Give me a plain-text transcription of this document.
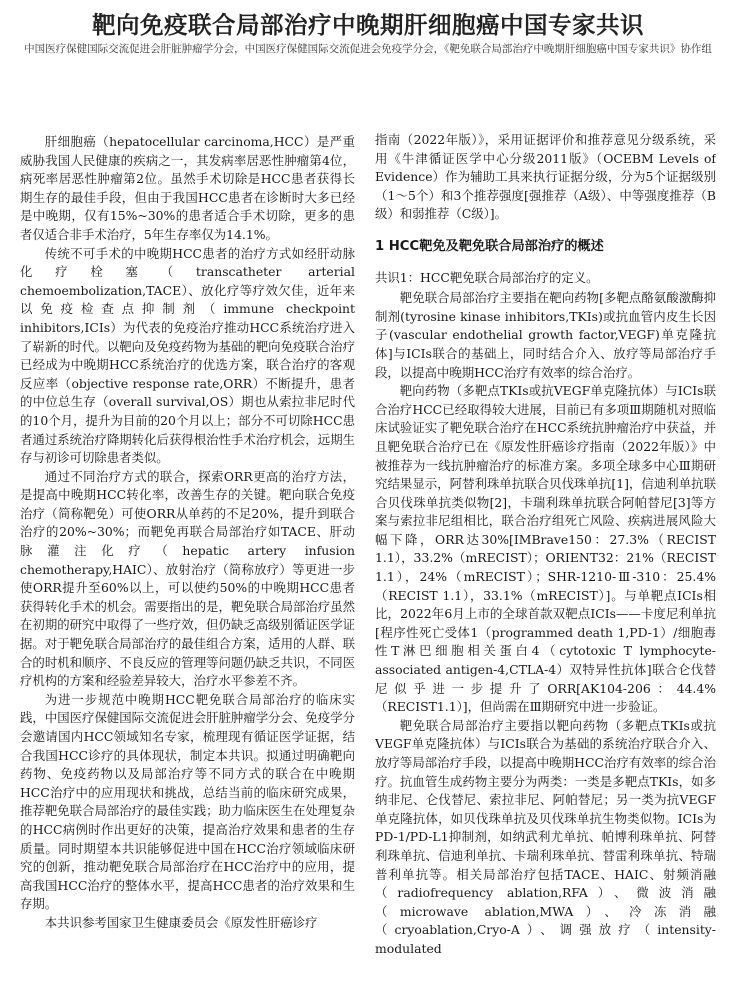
靶向免疫联合局部治疗中晚期肝细胞癌中国专家共识
中国医疗保健国际交流促进会肝脏肿瘤学分会，中国医疗保健国际交流促进会免疫学分会，《靶免联合局部治疗中晚期肝细胞癌中国专家共识》协作组

肝细胞癌（hepatocellular carcinoma,HCC）是严重威胁我国人民健康的疾病之一，其发病率居恶性肿瘤第4位，病死率居恶性肿瘤第2位。虽然手术切除是HCC患者获得长期生存的最佳手段，但由于我国HCC患者在诊断时大多已经是中晚期，仅有15%~30%的患者适合手术切除，更多的患者仅适合非手术治疗，5年生存率仅为14.1%。

传统不可手术的中晚期HCC患者的治疗方式如经肝动脉化疗栓塞（transcatheter arterial chemoembolization,TACE）、放化疗等疗效欠佳，近年来以免疫检查点抑制剂（immune checkpoint inhibitors,ICIs）为代表的免疫治疗推动HCC系统治疗进入了崭新的时代。以靶向及免疫药物为基础的靶向免疫联合治疗已经成为中晚期HCC系统治疗的优选方案，联合治疗的客观反应率（objective response rate,ORR）不断提升，患者的中位总生存（overall survival,OS）期也从索拉非尼时代的10个月，提升为目前的20个月以上；部分不可切除HCC患者通过系统治疗降期转化后获得根治性手术治疗机会，远期生存与初诊可切除患者类似。

通过不同治疗方式的联合，探索ORR更高的治疗方法，是提高中晚期HCC转化率，改善生存的关键。靶向联合免疫治疗（简称靶免）可使ORR从单药的不足20%，提升到联合治疗的20%~30%；而靶免再联合局部治疗如TACE、肝动脉灌注化疗（hepatic artery infusion chemotherapy,HAIC）、放射治疗（简称放疗）等更进一步使ORR提升至60%以上，可以使约50%的中晚期HCC患者获得转化手术的机会。需要指出的是，靶免联合局部治疗虽然在初期的研究中取得了一些疗效，但仍缺乏高级别循证医学证据。对于靶免联合局部治疗的最佳组合方案，适用的人群、联合的时机和顺序、不良反应的管理等问题仍缺乏共识，不同医疗机构的方案和经验差异较大，治疗水平参差不齐。

为进一步规范中晚期HCC靶免联合局部治疗的临床实践，中国医疗保健国际交流促进会肝脏肿瘤学分会、免疫学分会邀请国内HCC领域知名专家，梳理现有循证医学证据，结合我国HCC诊疗的具体现状，制定本共识。拟通过明确靶向药物、免疫药物以及局部治疗等不同方式的联合在中晚期HCC治疗中的应用现状和挑战，总结当前的临床研究成果，推荐靶免联合局部治疗的最佳实践；助力临床医生在处理复杂的HCC病例时作出更好的决策，提高治疗效果和患者的生存质量。同时期望本共识能够促进中国在HCC治疗领域临床研究的创新，推动靶免联合局部治疗在HCC治疗中的应用，提高我国HCC治疗的整体水平，提高HCC患者的治疗效果和生存期。

本共识参考国家卫生健康委员会《原发性肝癌诊疗

指南（2022年版）》，采用证据评价和推荐意见分级系统，采用《牛津循证医学中心分级2011版》（OCEBM Levels of Evidence）作为辅助工具来执行证据分级，分为5个证据级别（1～5个）和3个推荐强度[强推荐（A级）、中等强度推荐（B级）和弱推荐（C级）]。

1 HCC靶免及靶免联合局部治疗的概述

共识1：HCC靶免联合局部治疗的定义。

靶免联合局部治疗主要指在靶向药物[多靶点酪氨酸激酶抑制剂(tyrosine kinase inhibitors,TKIs)或抗血管内皮生长因子(vascular endothelial growth factor,VEGF)单克隆抗体]与ICIs联合的基础上，同时结合介入、放疗等局部治疗手段，以提高中晚期HCC治疗有效率的综合治疗。

靶向药物（多靶点TKIs或抗VEGF单克隆抗体）与ICIs联合治疗HCC已经取得较大进展，目前已有多项Ⅲ期随机对照临床试验证实了靶免联合治疗在HCC系统抗肿瘤治疗中获益，并且靶免联合治疗已在《原发性肝癌诊疗指南（2022年版）》中被推荐为一线抗肿瘤治疗的标准方案。多项全球多中心Ⅲ期研究结果显示，阿替利珠单抗联合贝伐珠单抗[1]，信迪利单抗联合贝伐珠单抗类似物[2]，卡瑞利珠单抗联合阿帕替尼[3]等方案与索拉非尼组相比，联合治疗组死亡风险、疾病进展风险大幅下降，ORR达30%[IMBrave150：27.3%（RECIST 1.1），33.2%（mRECIST）；ORIENT32：21%（RECIST 1.1），24%（mRECIST）；SHR-1210-Ⅲ-310：25.4%（RECIST 1.1），33.1%（mRECIST）]。与单靶点ICIs相比，2022年6月上市的全球首款双靶点ICIs——卡度尼利单抗[程序性死亡受体1（programmed death 1,PD-1）/细胞毒性T淋巴细胞相关蛋白4（cytotoxic T lymphocyte-associated antigen-4,CTLA-4）双特异性抗体]联合仑伐替尼似乎进一步提升了ORR[AK104-206：44.4%（RECIST1.1）]，但尚需在Ⅲ期研究中进一步验证。

靶免联合局部治疗主要指以靶向药物（多靶点TKIs或抗VEGF单克隆抗体）与ICIs联合为基础的系统治疗联合介入、放疗等局部治疗手段，以提高中晚期HCC治疗有效率的综合治疗。抗血管生成药物主要分为两类：一类是多靶点TKIs，如多纳非尼、仑伐替尼、索拉非尼、阿帕替尼；另一类为抗VEGF单克隆抗体，如贝伐珠单抗及贝伐珠单抗生物类似物。ICIs为PD-1/PD-L1抑制剂，如纳武利尤单抗、帕博利珠单抗、阿替利珠单抗、信迪利单抗、卡瑞利珠单抗、替雷利珠单抗、特瑞普利单抗等。相关局部治疗包括TACE、HAIC、射频消融（radiofrequency ablation,RFA）、微波消融（microwave ablation,MWA）、冷冻消融（cryoablation,Cryo-A）、调强放疗（intensity-modulated
